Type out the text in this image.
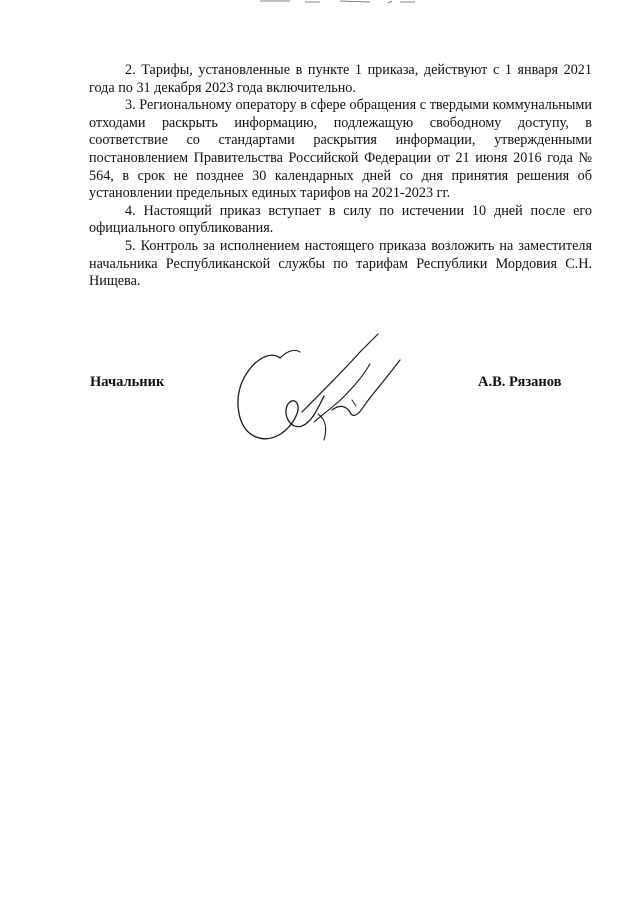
2. Тарифы, установленные в пункте 1 приказа, действуют с 1 января 2021 года по 31 декабря 2023 года включительно.

3. Региональному оператору в сфере обращения с твердыми коммунальными отходами раскрыть информацию, подлежащую свободному доступу, в соответствие со стандартами раскрытия информации, утвержденными постановлением Правительства Российской Федерации от 21 июня 2016 года № 564, в срок не позднее 30 календарных дней со дня принятия решения об установлении предельных единых тарифов на 2021-2023 гг.

4. Настоящий приказ вступает в силу по истечении 10 дней после его официального опубликования.

5. Контроль за исполнением настоящего приказа возложить на заместителя начальника Республиканской службы по тарифам Республики Мордовия С.Н. Нищева.

Начальник	А.В. Рязанов
